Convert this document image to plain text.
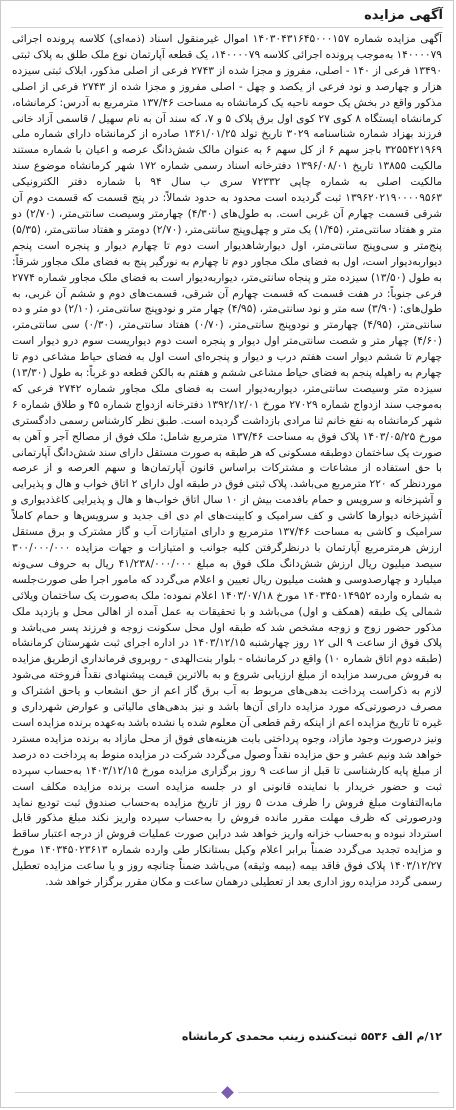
آگهی مزایده
آگهی مزایده شماره ۱۴۰۳۰۴۳۱۶۴۵۰۰۰۱۵۷ اموال غیرمنقول اسناد (ذمه‌ای) کلاسه پرونده اجرائی ۱۴۰۰۰۰۷۹ به‌موجب پرونده اجرائی کلاسه ۱۴۰۰۰۰۷۹، یک قطعه آپارتمان نوع ملک طلق به پلاک ثبتی ۱۳۴۹۰ فرعی از ۱۴۰ - اصلی، مفروز و مجزا شده از ۲۷۴۳ فرعی از اصلی مذکور، ابلاک ثبتی سیزده هزار و چهارصد و نود فرعی از یکصد و چهل - اصلی مفروز و مجزا شده از ۲۷۴۳ فرعی از اصلی مذکور واقع در بخش یک حومه ناحیه یک کرمانشاه به مساحت ۱۳۷/۴۶ مترمربع به آدرس: کرمانشاه، کرمانشاه ایستگاه ۸ کوی ۲۷ کوی اول برق پلاک ۵ و ۷، که سند آن به نام سهیل / قاسمی آزاد خانی فرزند بهزاد شماره شناسنامه ۳۰۲۹ تاریخ تولد ۱۳۶۱/۰۱/۲۵ صادره از کرمانشاه دارای شماره ملی ۳۲۵۵۴۲۱۹۶۹ باجز سهم ۶ از کل سهم ۶ به عنوان مالک شش‌دانگ عرصه و اعیان با شماره مستند مالکیت ۱۳۸۵۵ تاریخ ۱۳۹۶/۰۸/۰۱ دفترخانه اسناد رسمی شماره ۱۷۲ شهر کرمانشاه موضوع سند مالکیت اصلی به شماره چاپی ۷۲۳۳۲ سری ب سال ۹۴ با شماره دفتر الکترونیکی ۱۳۹۶۲۰۲۱۹۰۰۰۰۹۵۶۳ ثبت گردیده است محدود به حدود شمالاً: در پنج قسمت که قسمت دوم آن شرقی قسمت چهارم آن غربی است. به طول‌های (۴/۳۰) چهارمتر وسیصت سانتی‌متر، (۲/۷۰) دو متر و هفتاد سانتی‌متر، (۱/۴۵) یک متر و چهل‌وپنج سانتی‌متر، (۲/۷۰) دومتر و هفتاد سانتی‌متر، (۵/۳۵) پنج‌متر و سی‌وپنج سانتی‌متر، اول دیوارشاهدیوار است دوم تا چهارم دیوار و پنجره است پنجم دیواربه‌دیوار است، اول به فضای ملک مجاور دوم تا چهارم به نورگیر پنج به فضای ملک مجاور شرقاً: به طول (۱۳/۵۰) سیزده متر و پنجاه سانتی‌متر، دیواربه‌دیوار است به فضای ملک مجاور شماره ۲۷۷۴ فرعی جنوباً: در هفت قسمت که قسمت چهارم آن شرقی، قسمت‌های دوم و ششم آن غربی، به طول‌های: (۳/۹۰) سه متر و نود سانتی‌متر، (۴/۹۵) چهار متر و نودوپنج سانتی‌متر، (۲/۱۰) دو متر و ده سانتی‌متر، (۴/۹۵) چهارمتر و نودوپنج سانتی‌متر، (۰/۷۰) هفتاد سانتی‌متر، (۰/۳۰) سی سانتی‌متر، (۴/۶۰) چهار متر و شصت سانتی‌متر اول دیوار و پنجره است دوم دیواریست سوم درو دیوار است چهارم تا ششم دیوار است هفتم درب و دیوار و پنجره‌ای است اول به فضای حیاط مشاعی دوم تا چهارم به راهپله پنجم به فضای حیاط مشاعی ششم و هفتم به بالکن قطعه دو غرباً: به طول (۱۳/۳۰) سیزده متر وسیصت سانتی‌متر، دیواربه‌دیوار است به فضای ملک مجاور شماره ۲۷۴۲ فرعی که به‌موجب سند ازدواج شماره ۲۷۰۲۹ مورخ ۱۳۹۲/۱۲/۰۱ دفترخانه ازدواج شماره ۴۵ و طلاق شماره ۶ شهر کرمانشاه به نفع خانم ثنا مرادی بازداشت گردیده است. طبق نظر کارشناس رسمی دادگستری مورخ ۱۴۰۳/۰۵/۲۵ پلاک فوق به مساحت ۱۳۷/۴۶ مترمربع شامل: ملک فوق از مصالح آجر و آهن به صورت یک ساختمان دوطبقه مسکونی که هر طبقه به صورت مستقل دارای سند شش‌دانگ آپارتمانی با حق استفاده از مشاعات و مشترکات براساس قانون آپارتمان‌ها و سهم العرصه و از عرصه موردنظر که ۲۲۰ مترمربع می‌باشد. پلاک ثبتی فوق در طبقه اول دارای ۲ اتاق خواب و هال و پذیرایی و آشپزخانه و سرویس و حمام بافدمت بیش از ۱۰ سال اتاق خواب‌ها و هال و پذیرایی کاغذدیواری و آشپزخانه دیوارها کاشی و کف سرامیک و کابینت‌های ام دی اف جدید و سرویس‌ها و حمام کاملاً سرامیک و کاشی به مساحت ۱۳۷/۴۶ مترمربع و دارای امتیازات آب و گاز مشترک و برق مستقل ارزش هرمترمربع آپارتمان با درنظرگرفتن کلیه جوانب و امتیازات و جهات مزایده ۳۰۰/۰۰۰/۰۰۰ سیصد میلیون ریال ارزش شش‌دانگ ملک فوق به مبلغ ۴۱/۲۳۸/۰۰۰/۰۰۰ ریال به حروف سی‌ونه میلیارد و چهارصدوسی و هشت میلیون ریال تعیین و اعلام می‌گردد که مامور اجرا طی صورت‌جلسه به شماره وارده ۱۴۰۳۴۵۰۱۴۹۵۲ مورخ ۱۴۰۳/۰۷/۱۸ اعلام نموده: ملک به‌صورت یک ساختمان ویلائی شمالی یک طبقه (همکف و اول) می‌باشد و با تحقیقات به عمل آمده از اهالی محل و بازدید ملک مذکور حضور زوج و زوجه مشخص شد که طبقه اول محل سکونت زوجه و فرزند پسر می‌باشد و پلاک فوق از ساعت ۹ الی ۱۲ روز چهارشنبه ۱۴۰۳/۱۲/۱۵ در اداره اجرای ثبت شهرستان کرمانشاه (طبقه دوم اتاق شماره ۱۰) واقع در کرمانشاه - بلوار بنت‌الهدی - روبروی فرمانداری ازطریق مزایده به فروش می‌رسد مزایده از مبلغ ارزیابی شروع و به بالاترین قیمت پیشنهادی نقداً فروخته می‌شود لازم به ذکراست پرداخت بدهی‌های مربوط به آب برق گاز اعم از حق انشعاب و یاحق اشتراک و مصرف درصورتی‌که مورد مزایده دارای آن‌ها باشد و نیز بدهی‌های مالیاتی و عوارض شهرداری و غیره تا تاریخ مزایده اعم از اینکه رقم قطعی آن معلوم شده یا نشده باشد به‌عهده برنده مزایده است ونیز درصورت وجود مازاد، وجوه پرداختی بابت هزینه‌های فوق از محل مازاد به برنده مزایده مسترد خواهد شد ونیم عشر و حق مزایده نقداً وصول می‌گردد شرکت در مزایده منوط به پرداخت ده درصد از مبلغ پایه کارشناسی تا قبل از ساعت ۹ روز برگزاری مزایده مورخ ۱۴۰۳/۱۲/۱۵ به‌حساب سپرده ثبت و حضور خریدار با نماینده قانونی او در جلسه مزایده است برنده مزایده مکلف است مابه‌التفاوت مبلغ فروش را ظرف مدت ۵ روز از تاریخ مزایده به‌حساب صندوق ثبت تودیع نماید ودرصورتی که ظرف مهلت مقرر مانده فروش را به‌حساب سپرده واریز نکند مبلغ مذکور قابل استرداد نبوده و به‌حساب خزانه واریز خواهد شد دراین صورت عملیات فروش از درجه اعتبار ساقط و مزایده تجدید می‌گردد ضمناً برابر اعلام وکیل بستانکار طی وارده شماره ۱۴۰۳۴۵۰۲۳۶۱۳ مورخ ۱۴۰۳/۱۲/۲۷ پلاک فوق فاقد بیمه (بیمه وثیقه) می‌باشد ضمناً چنانچه روز و یا ساعت مزایده تعطیل رسمی گردد مزایده روز اداری بعد از تعطیلی درهمان ساعت و مکان مقرر برگزار خواهد شد.
۱۲/م الف ۵۵۳۶ ثبت‌کننده زینب محمدی کرمانشاه
